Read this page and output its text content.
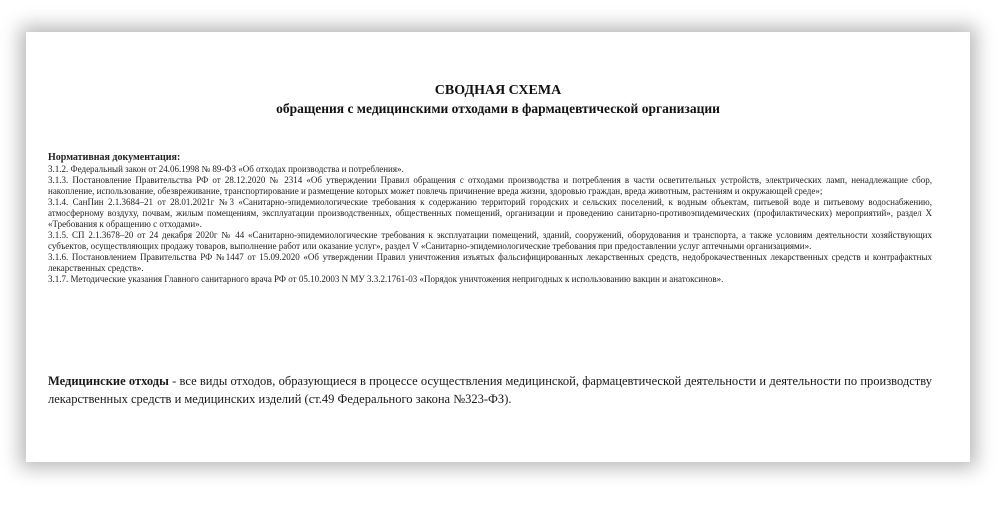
СВОДНАЯ СХЕМА
обращения с медицинскими отходами в фармацевтической организации
Нормативная документация:

3.1.2. Федеральный закон от 24.06.1998 № 89-ФЗ «Об отходах производства и потребления».

3.1.3. Постановление Правительства РФ от 28.12.2020 № 2314 «Об утверждении Правил обращения с отходами производства и потребления в части осветительных устройств, электрических ламп, ненадлежащие сбор, накопление, использование, обезвреживание, транспортирование и размещение которых может повлечь причинение вреда жизни, здоровью граждан, вреда животным, растениям и окружающей среде»;

3.1.4. СанПин 2.1.3684–21 от 28.01.2021г №3 «Санитарно-эпидемиологические требования к содержанию территорий городских и сельских поселений, к водным объектам, питьевой воде и питьевому водоснабжению, атмосферному воздуху, почвам, жилым помещениям, эксплуатации производственных, общественных помещений, организации и проведению санитарно-противоэпидемических (профилактических) мероприятий», раздел Х «Требования к обращению с отходами».

3.1.5. СП 2.1.3678–20 от 24 декабря 2020г № 44 «Санитарно-эпидемиологические требования к эксплуатации помещений, зданий, сооружений, оборудования и транспорта, а также условиям деятельности хозяйствующих субъектов, осуществляющих продажу товаров, выполнение работ или оказание услуг», раздел V «Санитарно-эпидемиологические требования при предоставлении услуг аптечными организациями».

3.1.6. Постановлением Правительства РФ №1447 от 15.09.2020 «Об утверждении Правил уничтожения изъятых фальсифицированных лекарственных средств, недоброкачественных лекарственных средств и контрафактных лекарственных средств».

3.1.7. Методические указания Главного санитарного врача РФ от 05.10.2003 N МУ 3.3.2.1761-03 «Порядок уничтожения непригодных к использованию вакцин и анатоксинов».

Медицинские отходы - все виды отходов, образующиеся в процессе осуществления медицинской, фармацевтической деятельности и деятельности по производству лекарственных средств и медицинских изделий (ст.49 Федерального закона №323-ФЗ).
